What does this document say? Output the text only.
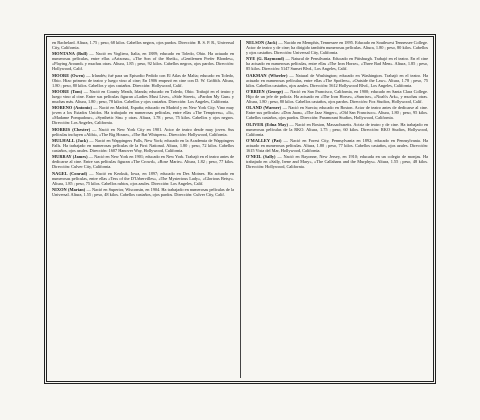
en Bachelard. Altura, 1.75 ; peso, 68 kilos. Cabellos negros, ojos pardos. Dirección: B. S. P. R., Universal City, California.

MONTANA (Bull) — Nació en Vogliera, Italia, en 1889; educado en Toledo, Ohio. Ha actuado en numerosas películas, entre ellas «Arizona», «The Son of the Sheik», «Gentlemen Prefer Blondes», «Playing Around» y muchas otras. Altura, 1.85 ; peso, 92 kilos. Cabellos negros, ojos pardos. Dirección: Hollywood, Calif.

MOORE (Owen) — Irlandés; fué para un Episodio Pedido con El Atlas de Malta; educado en Toledo, Ohio. Hizo primero de teatro y luego vino al cine; En 1906 empezó en cine con D. W. Griffith. Altura, 1.80 ; peso, 80 kilos. Cabellos y ojos castaños. Dirección: Hollywood, Calif.

MOORE (Tom) — Nació en County Meath, Irlanda; educado en Toledo, Ohio. Trabajó en el teatro y luego vino al cine. Entre sus películas figuran «Ladies Must Live», «Side Street», «Pardon My Gun» y muchas más. Altura, 1.80 ; peso, 78 kilos. Cabellos y ojos castaños. Dirección: Los Angeles, California.

MORENO (Antonio) — Nació en Madrid, España; educado en Madrid y en New York City. Vino muy joven a los Estados Unidos. Ha trabajado en numerosas películas, entre ellas «The Temptress», «It», «Madame Pompadour», «Synthetic Sin» y otras. Altura, 1.78 ; peso, 75 kilos. Cabellos y ojos negros. Dirección: Los Angeles, California.

MORRIS (Chester) — Nació en New York City en 1901. Actor de teatro desde muy joven. Sus películas incluyen «Alibi», «The Big House», «The Bat Whispers». Dirección: Hollywood, California.

MULHALL (Jack) — Nació en Wappingers Falls, New York; educado en la Academia de Wappingers Falls. Ha trabajado en numerosas películas de la First National. Altura, 1.80 ; peso, 72 kilos. Cabellos castaños, ojos azules. Dirección: 1607 Hanover Way, Hollywood, California.

MURRAY (James) — Nació en New York en 1901; educado en New York. Trabajó en el teatro antes de dedicarse al cine. Entre sus películas figuran «The Crowd», «Rose Marie». Altura, 1.82 ; peso, 77 kilos. Dirección: Culver City, California.

NAGEL (Conrad) — Nació en Keokuk, Iowa, en 1897; educado en Des Moines. Ha actuado en numerosas películas, entre ellas «Tess of the D'Urbervilles», «The Mysterious Lady», «Glorious Betsy». Altura, 1.85 ; peso, 75 kilos. Cabellos rubios, ojos azules. Dirección: Los Angeles, Calif.

NIXON (Marian) — Nació en Superior, Wisconsin, en 1904. Ha trabajado en numerosas películas de la Universal. Altura, 1.55 ; peso, 48 kilos. Cabellos castaños, ojos pardos. Dirección: Culver City, Calif.

NELSON (Jack) — Nacido en Memphis, Tennessee en 1895. Educado en Southwest Tennessee College. Actor de teatro y de cine; ha dirigido también numerosas películas. Altura, 1.80 ; peso, 80 kilos. Cabellos y ojos castaños. Dirección: Universal City, California.

NYE (G. Raymond) — Natural de Pensilvania. Educado en Pittsburgh. Trabajó en el teatro. En el cine ha actuado en numerosas películas, entre ellas «The Iron Horse», «Three Bad Men». Altura, 1.85 ; peso, 85 kilos. Dirección: 5147 Sunset Blvd., Los Angeles, Calif.

OAKMAN (Wheeler) — Natural de Washington; educado en Washington. Trabajó en el teatro. Ha actuado en numerosas películas, entre ellas «The Spoilers», «Outside the Law». Altura, 1.78 ; peso, 75 kilos. Cabellos castaños, ojos azules. Dirección: 5612 Hollywood Blvd., Los Angeles, California.

O'BRIEN (George) — Nació en San Francisco, California, en 1900; educado en Santa Clara College. Hijo de un jefe de policía. Ha actuado en «The Iron Horse», «Sunrise», «Noah's Ark», y muchas otras. Altura, 1.80 ; peso, 80 kilos. Cabellos castaños, ojos pardos. Dirección: Fox Studios, Hollywood, Calif.

OLAND (Warner) — Nació en Suecia; educado en Boston. Actor de teatro antes de dedicarse al cine. Entre sus películas: «Don Juan», «The Jazz Singer», «Old San Francisco». Altura, 1.80 ; peso, 95 kilos. Cabellos castaños, ojos pardos. Dirección: Paramount Studios, Hollywood, California.

OLIVER (Edna May) — Nació en Boston, Massachusetts. Actriz de teatro y de cine. Ha trabajado en numerosas películas de la RKO. Altura, 1.75 ; peso, 60 kilos. Dirección: RKO Studios, Hollywood, California.

O'MALLEY (Pat) — Nació en Forest City, Pennsylvania en 1892; educado en Pennsylvania. Ha actuado en numerosas películas. Altura, 1.80 ; peso, 77 kilos. Cabellos castaños, ojos azules. Dirección: 1615 Vista del Mar, Hollywood, California.

O'NEIL (Sally) — Nació en Bayonne, New Jersey, en 1910; educada en un colegio de monjas. Ha trabajado en «Sally, Irene and Mary», «The Callahans and the Murphys». Altura, 1.55 ; peso, 48 kilos. Dirección: Hollywood, California.
